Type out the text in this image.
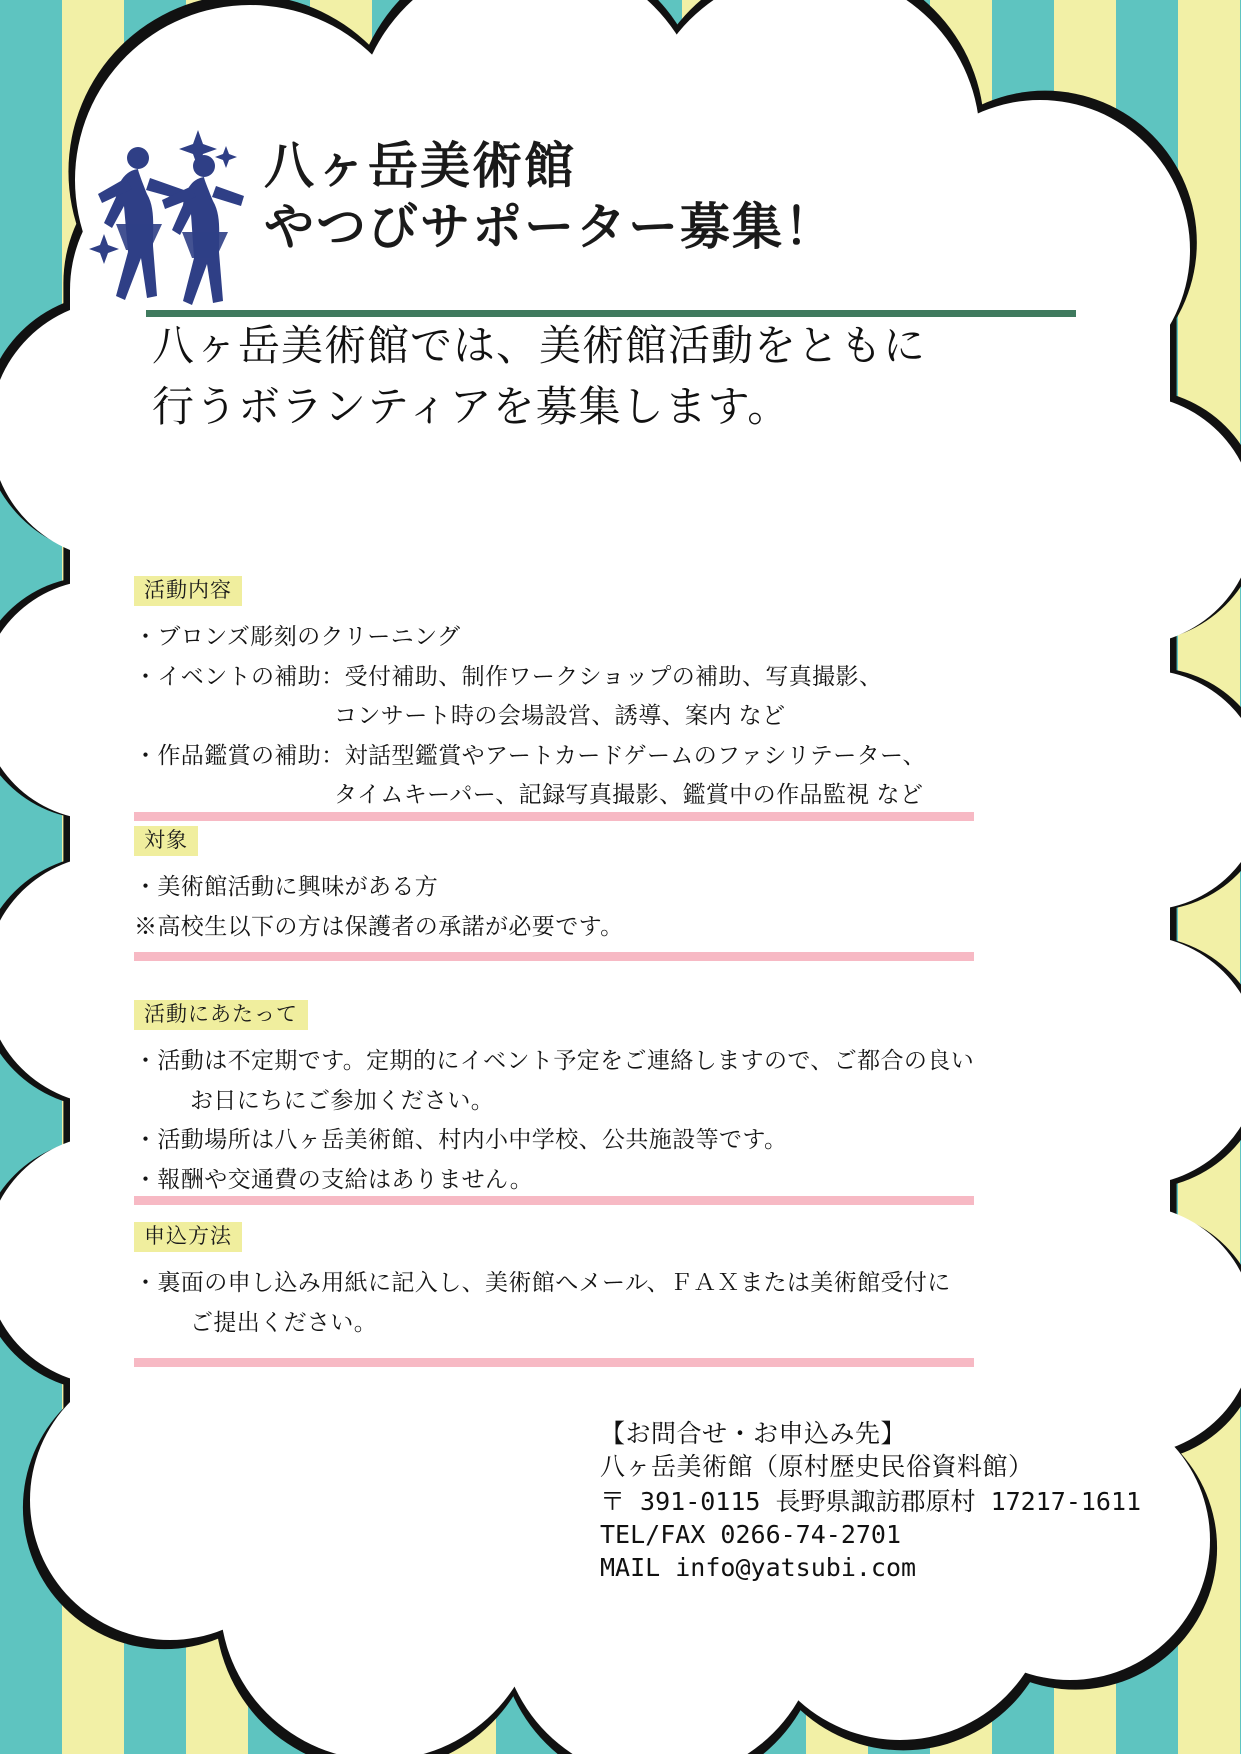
八ヶ岳美術館
やつびサポーター募集！
八ヶ岳美術館では、美術館活動をともに
行うボランティアを募集します。
活動内容
・ブロンズ彫刻のクリーニング
・イベントの補助：受付補助、制作ワークショップの補助、写真撮影、
コンサート時の会場設営、誘導、案内 など
・作品鑑賞の補助：対話型鑑賞やアートカードゲームのファシリテーター、
タイムキーパー、記録写真撮影、鑑賞中の作品監視 など
対象
・美術館活動に興味がある方
※高校生以下の方は保護者の承諾が必要です。
活動にあたって
・活動は不定期です。定期的にイベント予定をご連絡しますので、ご都合の良い
お日にちにご参加ください。
・活動場所は八ヶ岳美術館、村内小中学校、公共施設等です。
・報酬や交通費の支給はありません。
申込方法
・裏面の申し込み用紙に記入し、美術館へメール、ＦＡＸまたは美術館受付に
ご提出ください。
【お問合せ・お申込み先】
八ヶ岳美術館（原村歴史民俗資料館）
〒 391-0115 長野県諏訪郡原村 17217-1611
TEL/FAX 0266-74-2701
MAIL info@yatsubi.com
